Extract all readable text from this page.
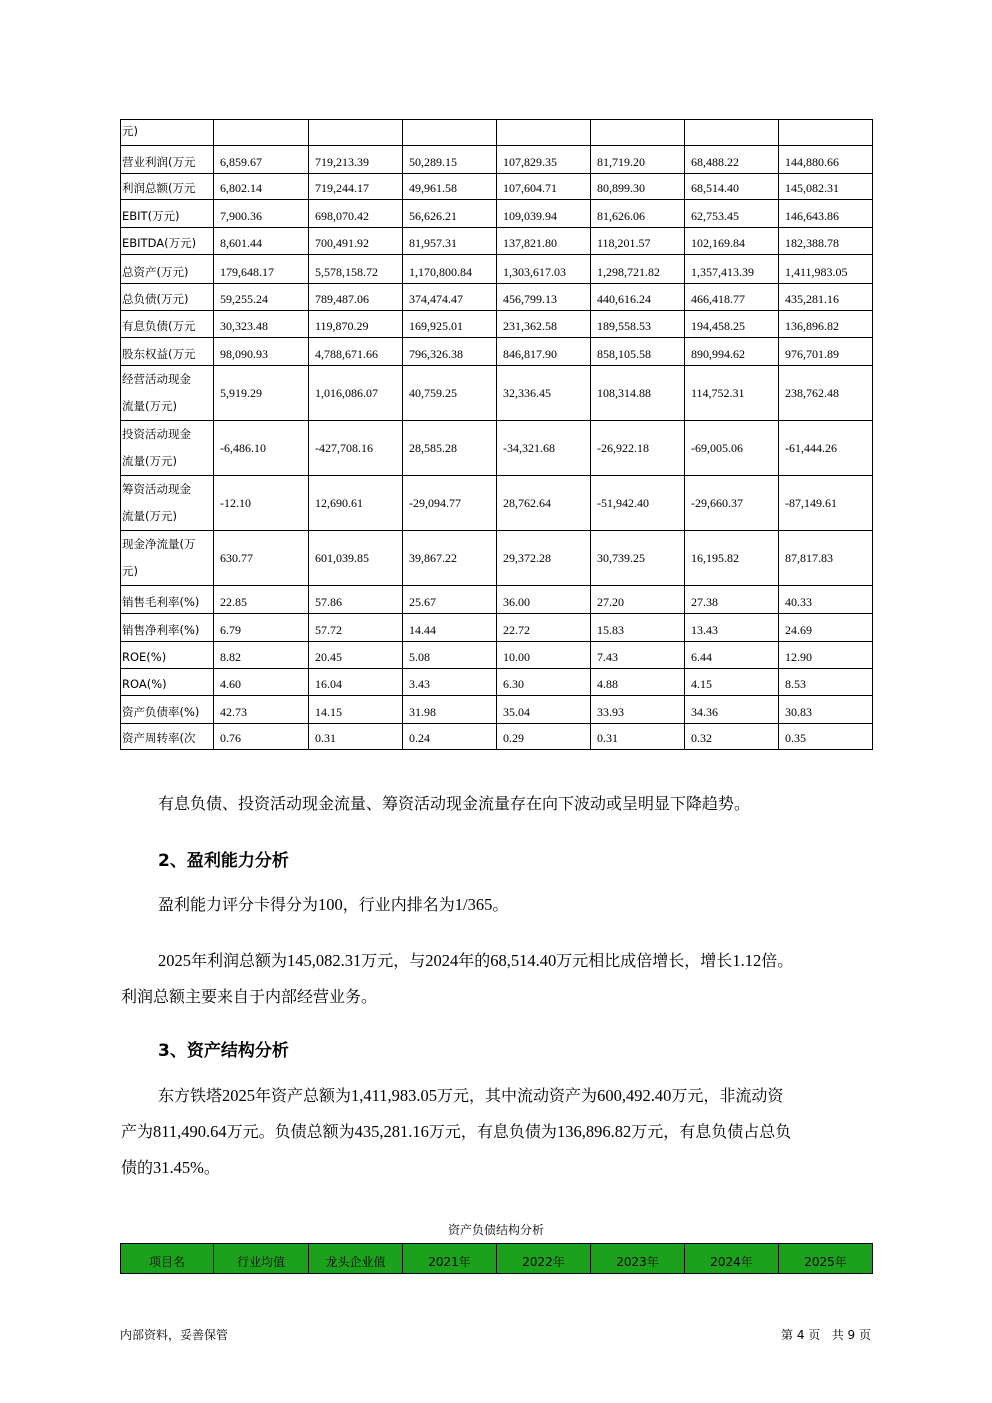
元)							
营业利润(万元	6,859.67	719,213.39	50,289.15	107,829.35	81,719.20	68,488.22	144,880.66
利润总额(万元	6,802.14	719,244.17	49,961.58	107,604.71	80,899.30	68,514.40	145,082.31
EBIT(万元)	7,900.36	698,070.42	56,626.21	109,039.94	81,626.06	62,753.45	146,643.86
EBITDA(万元)	8,601.44	700,491.92	81,957.31	137,821.80	118,201.57	102,169.84	182,388.78
总资产(万元)	179,648.17	5,578,158.72	1,170,800.84	1,303,617.03	1,298,721.82	1,357,413.39	1,411,983.05
总负债(万元)	59,255.24	789,487.06	374,474.47	456,799.13	440,616.24	466,418.77	435,281.16
有息负债(万元	30,323.48	119,870.29	169,925.01	231,362.58	189,558.53	194,458.25	136,896.82
股东权益(万元	98,090.93	4,788,671.66	796,326.38	846,817.90	858,105.58	890,994.62	976,701.89

经营活动现金
流量(万元)	5,919.29	1,016,086.07	40,759.25	32,336.45	108,314.88	114,752.31	238,762.48

投资活动现金
流量(万元)	-6,486.10	-427,708.16	28,585.28	-34,321.68	-26,922.18	-69,005.06	-61,444.26

筹资活动现金
流量(万元)	-12.10	12,690.61	-29,094.77	28,762.64	-51,942.40	-29,660.37	-87,149.61

现金净流量(万
元)	630.77	601,039.85	39,867.22	29,372.28	30,739.25	16,195.82	87,817.83
销售毛利率(%)	22.85	57.86	25.67	36.00	27.20	27.38	40.33
销售净利率(%)	6.79	57.72	14.44	22.72	15.83	13.43	24.69
ROE(%)	8.82	20.45	5.08	10.00	7.43	6.44	12.90
ROA(%)	4.60	16.04	3.43	6.30	4.88	4.15	8.53
资产负债率(%)	42.73	14.15	31.98	35.04	33.93	34.36	30.83
资产周转率(次	0.76	0.31	0.24	0.29	0.31	0.32	0.35

有息负债、投资活动现金流量、筹资活动现金流量存在向下波动或呈明显下降趋势。

2、盈利能力分析

盈利能力评分卡得分为100，行业内排名为1/365。

2025年利润总额为145,082.31万元，与2024年的68,514.40万元相比成倍增长，增长1.12倍。
利润总额主要来自于内部经营业务。

3、资产结构分析

东方铁塔2025年资产总额为1,411,983.05万元，其中流动资产为600,492.40万元，非流动资
产为811,490.64万元。负债总额为435,281.16万元，有息负债为136,896.82万元，有息负债占总负
债的31.45%。

资产负债结构分析
项目名	行业均值	龙头企业值	2021年	2022年	2023年	2024年	2025年
内部资料，妥善保管	第 4 页   共 9 页
